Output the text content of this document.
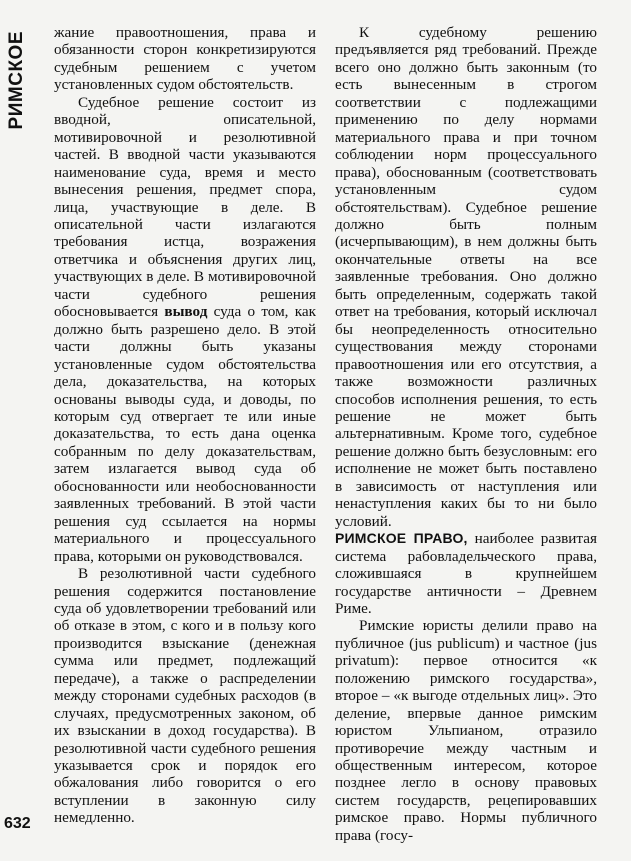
РИМСКОЕ
632

жание правоотношения, права и обязанности сторон конкретизируются судебным решением с учетом установленных судом обстоятельств.

Судебное решение состоит из вводной, описательной, мотивировочной и резолютивной частей. В вводной части указываются наименование суда, время и место вынесения решения, предмет спора, лица, участвующие в деле. В описательной части излагаются требования истца, возражения ответчика и объяснения других лиц, участвующих в деле. В мотивировочной части судебного решения обосновывается вывод суда о том, как должно быть разрешено дело. В этой части должны быть указаны установленные судом обстоятельства дела, доказательства, на которых основаны выводы суда, и доводы, по которым суд отвергает те или иные доказательства, то есть дана оценка собранным по делу доказательствам, затем излагается вывод суда об обоснованности или необоснованности заявленных требований. В этой части решения суд ссылается на нормы материального и процессуального права, которыми он руководствовался.

В резолютивной части судебного решения содержится постановление суда об удовлетворении требований или об отказе в этом, с кого и в пользу кого производится взыскание (денежная сумма или предмет, подлежащий передаче), а также о распределении между сторонами судебных расходов (в случаях, предусмотренных законом, об их взыскании в доход государства). В резолютивной части судебного решения указывается срок и порядок его обжалования либо говорится о его вступлении в законную силу немедленно.

К судебному решению предъявляется ряд требований. Прежде всего оно должно быть законным (то есть вынесенным в строгом соответствии с подлежащими применению по делу нормами материального права и при точном соблюдении норм процессуального права), обоснованным (соответствовать установленным судом обстоятельствам). Судебное решение должно быть полным (исчерпывающим), в нем должны быть окончательные ответы на все заявленные требования. Оно должно быть определенным, содержать такой ответ на требования, который исключал бы неопределенность относительно существования между сторонами правоотношения или его отсутствия, а также возможности различных способов исполнения решения, то есть решение не может быть альтернативным. Кроме того, судебное решение должно быть безусловным: его исполнение не может быть поставлено в зависимость от наступления или ненаступления каких бы то ни было условий.

РИМСКОЕ ПРАВО, наиболее развитая система рабовладельческого права, сложившаяся в крупнейшем государстве античности – Древнем Риме.

Римские юристы делили право на публичное (jus publicum) и частное (jus privatum): первое относится «к положению римского государства», второе – «к выгоде отдельных лиц». Это деление, впервые данное римским юристом Ульпианом, отразило противоречие между частным и общественным интересом, которое позднее легло в основу правовых систем государств, рецепировавших римское право. Нормы публичного права (госу-
